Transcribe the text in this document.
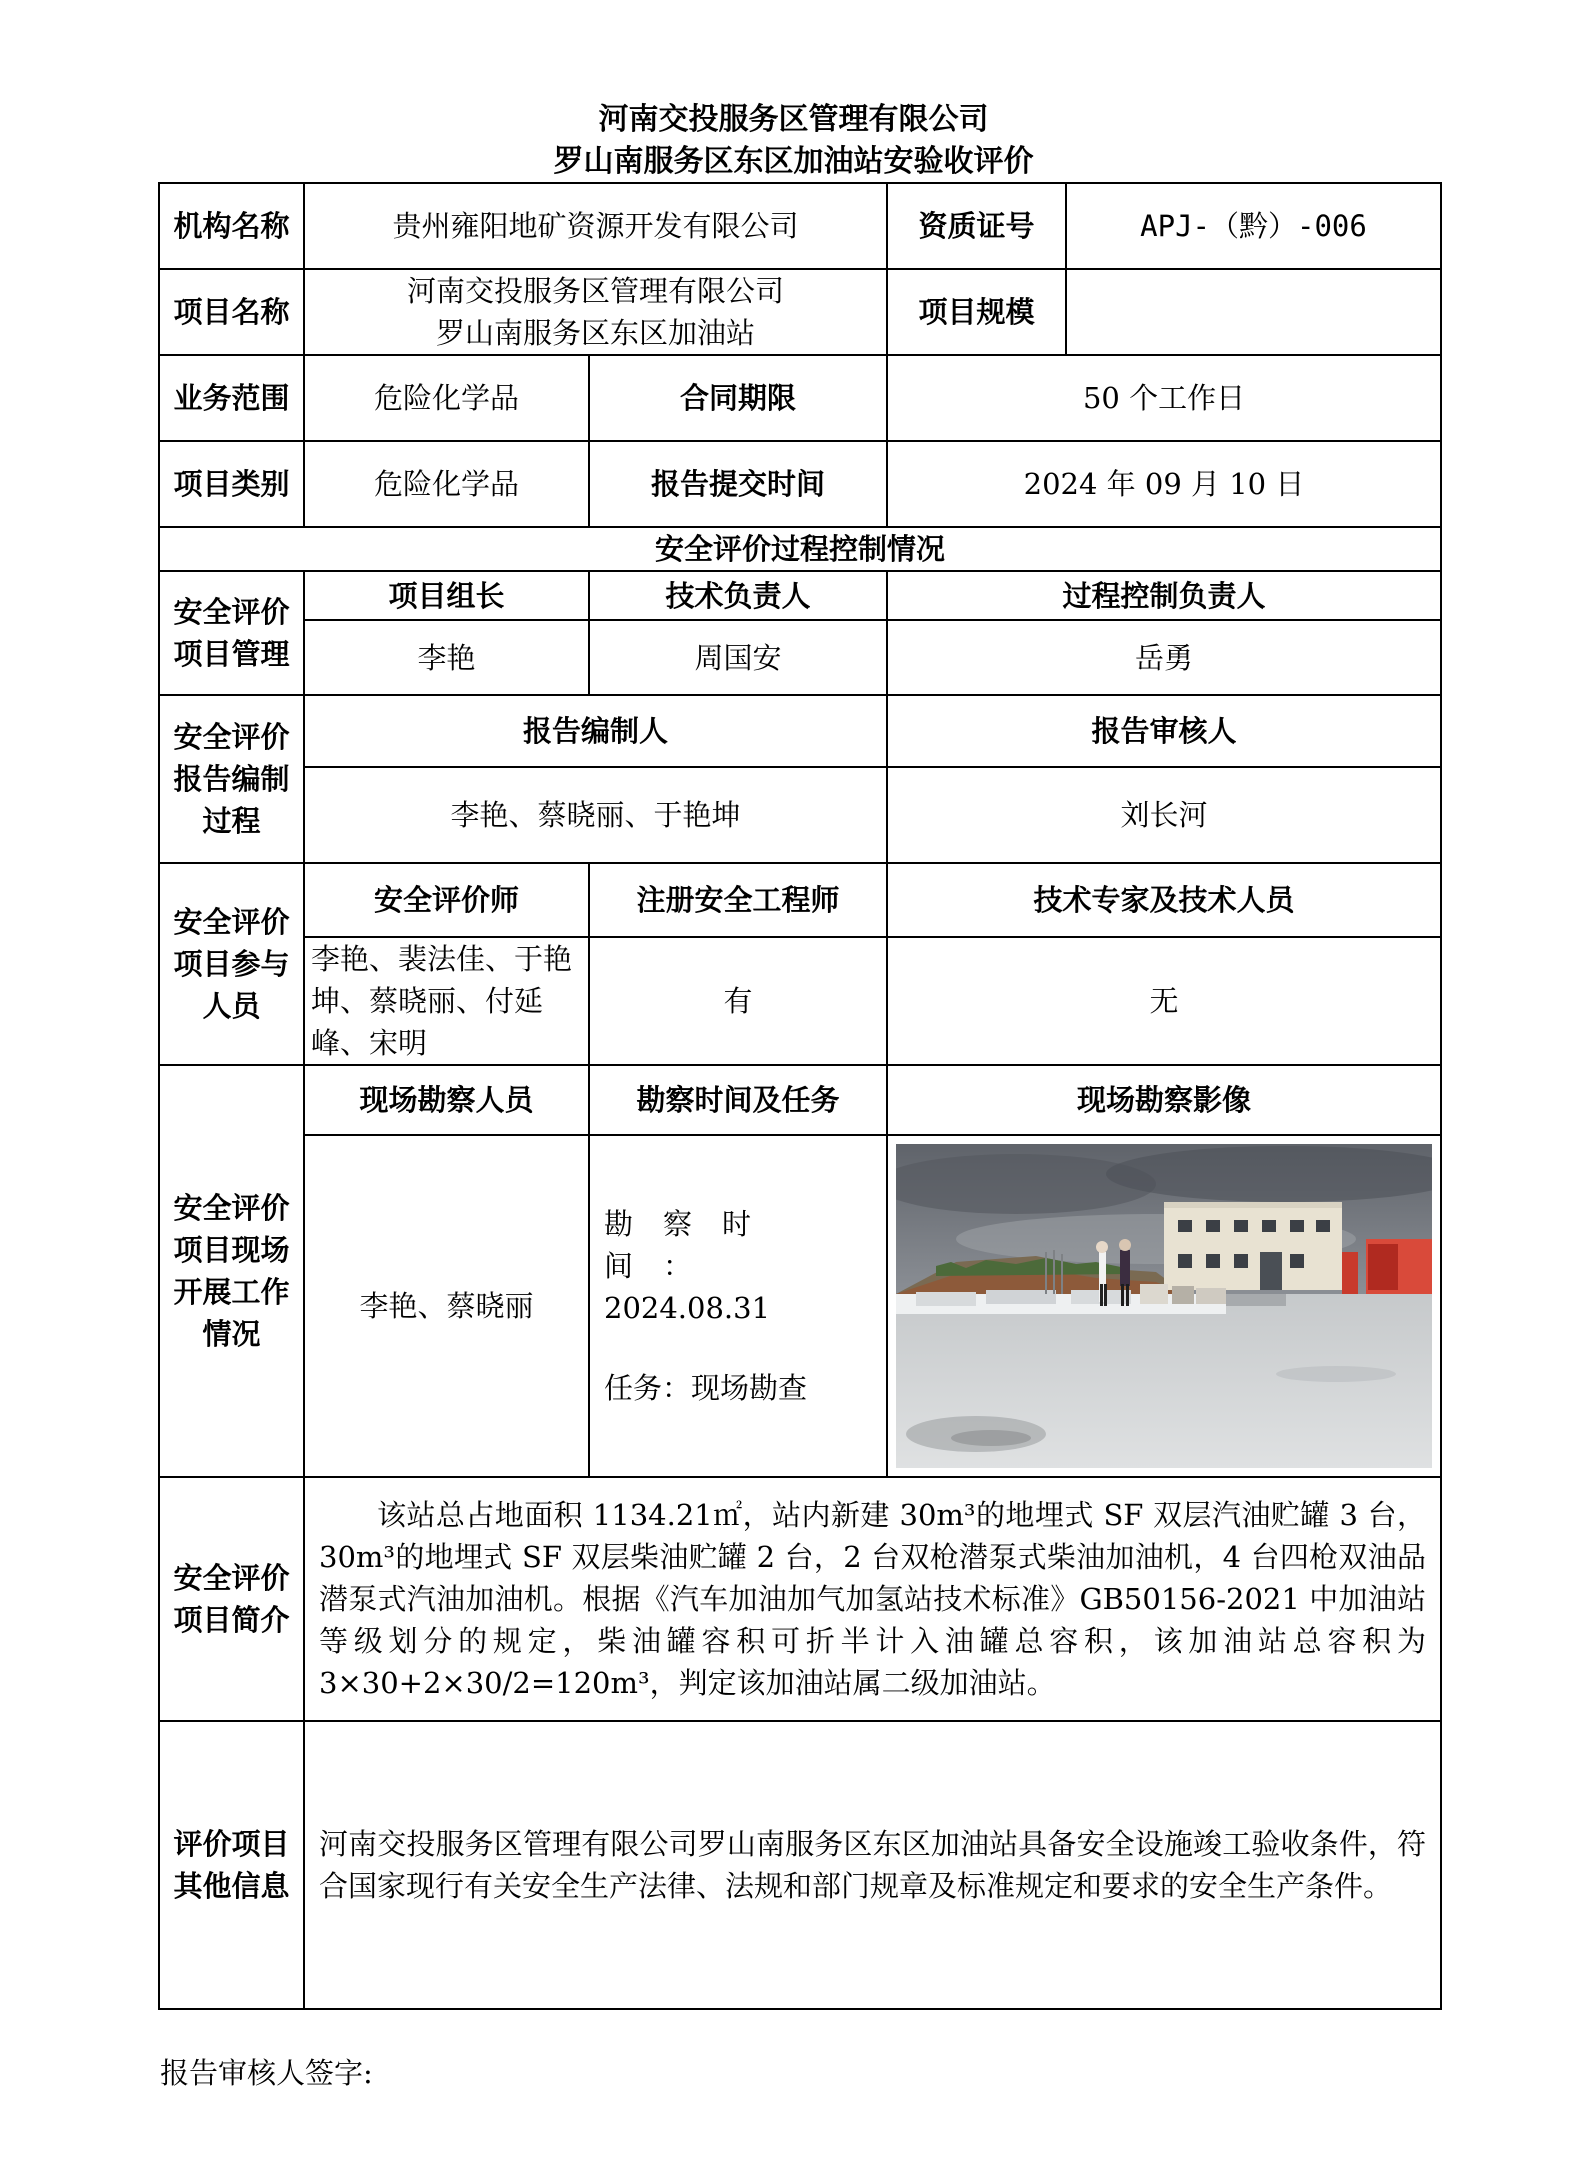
河南交投服务区管理有限公司
罗山南服务区东区加油站安验收评价
机构名称	贵州雍阳地矿资源开发有限公司		资质证号	APJ-（黔）-006
项目名称	河南交投服务区管理有限公司
罗山南服务区东区加油站		项目规模	
业务范围	危险化学品	合同期限	50 个工作日	
项目类别	危险化学品	报告提交时间	2024 年 09 月 10 日	
安全评价过程控制情况				
安全评价项目管理	项目组长	技术负责人	过程控制负责人	
	李艳	周国安	岳勇	
安全评价报告编制过程	报告编制人		报告审核人	
	李艳、蔡晓丽、于艳坤		刘长河	
安全评价项目参与人员	安全评价师	注册安全工程师	技术专家及技术人员	
	李艳、裴法佳、于艳坤、蔡晓丽、付延峰、宋明	有	无	
安全评价项目现场开展工作情况	现场勘察人员	勘察时间及任务	现场勘察影像	
	李艳、蔡晓丽	勘察时间：
2024.08.31
任务：现场勘查

安全评价项目简介	该站总占地面积 1134.21㎡，站内新建 30m³的地埋式 SF 双层汽油贮罐 3 台，30m³的地埋式 SF 双层柴油贮罐 2 台，2 台双枪潜泵式柴油加油机，4 台四枪双油品潜泵式汽油加油机。根据《汽车加油加气加氢站技术标准》GB50156-2021 中加油站等级划分的规定，柴油罐容积可折半计入油罐总容积，该加油站总容积为 3×30+2×30/2=120m³，判定该加油站属二级加油站。			
评价项目其他信息	河南交投服务区管理有限公司罗山南服务区东区加油站具备安全设施竣工验收条件，符合国家现行有关安全生产法律、法规和部门规章及标准规定和要求的安全生产条件。			
报告审核人签字:
